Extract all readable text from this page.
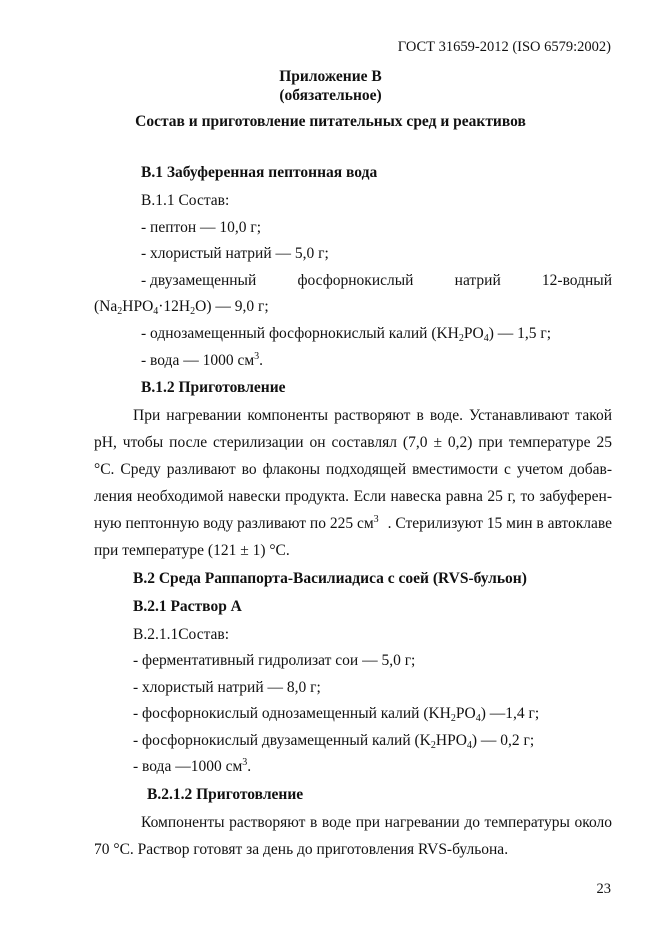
ГОСТ 31659-2012 (ISO 6579:2002)
Приложение В
(обязательное)
Состав и приготовление питательных сред и реактивов
В.1 Забуференная пептонная вода
В.1.1 Состав:
- пептон — 10,0 г;
- хлористый натрий — 5,0 г;
- двузамещенный	фосфорнокислый	натрий	12-водный
$(Na_2HPO_4\cdot 12H_2O)$ — 9,0 г;
- однозамещенный фосфорнокислый калий $(KH_2PO_4)$ — 1,5 г;
- вода — 1000 $см^3$.
В.1.2 Приготовление
При нагревании компоненты растворяют в воде. Устанавливают такой
рН, чтобы после стерилизации он составлял (7,0 ± 0,2) при температуре 25
°С. Среду разливают во флаконы подходящей вместимости с учетом добав-
ления необходимой навески продукта. Если навеска равна 25 г, то забуферен-
ную пептонную воду разливают по 225 $см^3$ . Стерилизуют 15 мин в автоклаве
при температуре (121 ± 1) °С.
В.2 Среда Раппапорта-Василиадиса с соей (RVS-бульон)
В.2.1 Раствор А
В.2.1.1Состав:
- ферментативный гидролизат сои — 5,0 г;
- хлористый натрий — 8,0 г;
- фосфорнокислый однозамещенный калий $(KH_2PO_4)$ —1,4 г;
- фосфорнокислый двузамещенный калий $(K_2HPO_4)$ — 0,2 г;
- вода —1000 $см^3$.
В.2.1.2 Приготовление
Компоненты растворяют в воде при нагревании до температуры около
70 °С. Раствор готовят за день до приготовления RVS-бульона.
23
